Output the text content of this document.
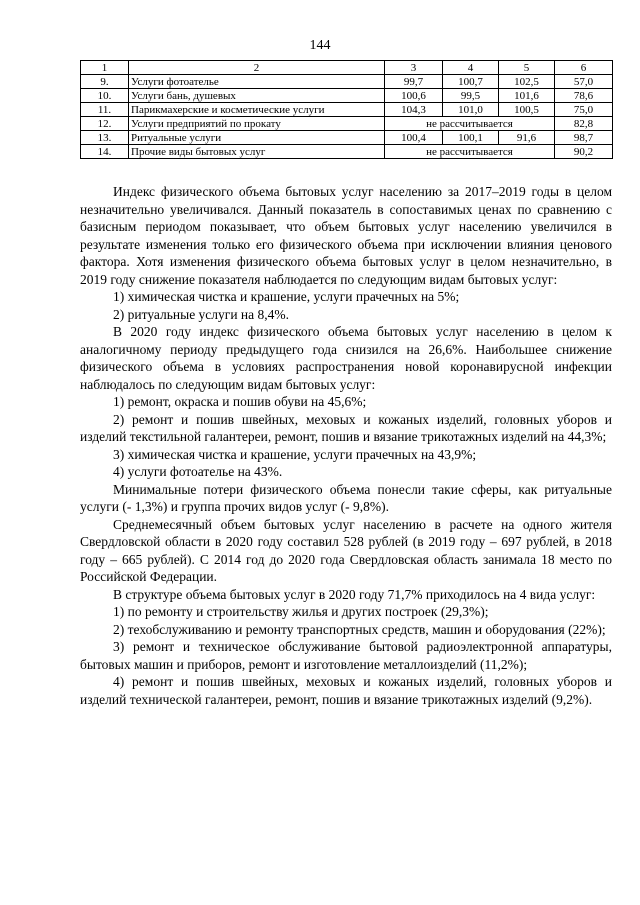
144
1	2	3	4	5	6
9.	Услуги фотоателье	99,7	100,7	102,5	57,0
10.	Услуги бань, душевых	100,6	99,5	101,6	78,6
11.	Парикмахерские и косметические услуги	104,3	101,0	100,5	75,0
12.	Услуги предприятий по прокату	не рассчитывается			82,8
13.	Ритуальные услуги	100,4	100,1	91,6	98,7
14.	Прочие виды бытовых услуг	не рассчитывается			90,2

Индекс физического объема бытовых услуг населению за 2017–2019 годы в целом незначительно увеличивался. Данный показатель в сопоставимых ценах по сравнению с базисным периодом показывает, что объем бытовых услуг населению увеличился в результате изменения только его физического объема при исключении влияния ценового фактора. Хотя изменения физического объема бытовых услуг в целом незначительно, в 2019 году снижение показателя наблюдается по следующим видам бытовых услуг:

1) химическая чистка и крашение, услуги прачечных на 5%;

2) ритуальные услуги на 8,4%.

В 2020 году индекс физического объема бытовых услуг населению в целом к аналогичному периоду предыдущего года снизился на 26,6%. Наибольшее снижение физического объема в условиях распространения новой коронавирусной инфекции наблюдалось по следующим видам бытовых услуг:

1) ремонт, окраска и пошив обуви на 45,6%;

2) ремонт и пошив швейных, меховых и кожаных изделий, головных уборов и изделий текстильной галантереи, ремонт, пошив и вязание трикотажных изделий на 44,3%;

3) химическая чистка и крашение, услуги прачечных на 43,9%;

4) услуги фотоателье на 43%.

Минимальные потери физического объема понесли такие сферы, как ритуальные услуги (- 1,3%) и группа прочих видов услуг (- 9,8%).

Среднемесячный объем бытовых услуг населению в расчете на одного жителя Свердловской области в 2020 году составил 528 рублей (в 2019 году – 697 рублей, в 2018 году – 665 рублей). С 2014 год до 2020 года Свердловская область занимала 18 место по Российской Федерации.

В структуре объема бытовых услуг в 2020 году 71,7% приходилось на 4 вида услуг:

1) по ремонту и строительству жилья и других построек (29,3%);

2) техобслуживанию и ремонту транспортных средств, машин и оборудования (22%);

3) ремонт и техническое обслуживание бытовой радиоэлектронной аппаратуры, бытовых машин и приборов, ремонт и изготовление металлоизделий (11,2%);

4) ремонт и пошив швейных, меховых и кожаных изделий, головных уборов и изделий технической галантереи, ремонт, пошив и вязание трикотажных изделий (9,2%).
